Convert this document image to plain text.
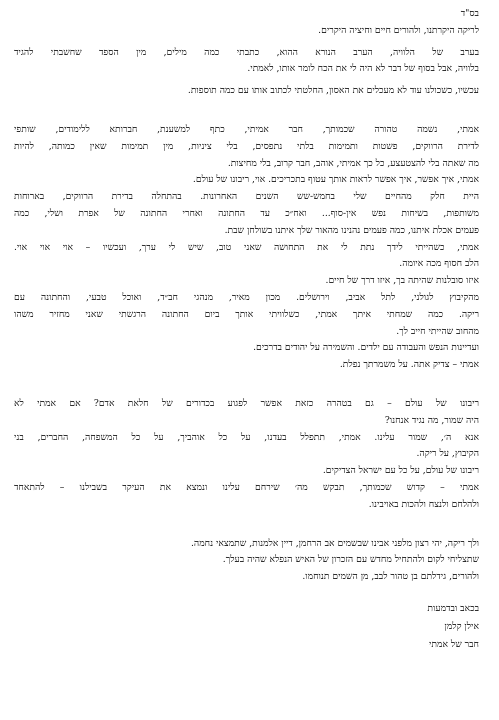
בס"ד
לריקה היקרתנו, ולהורים חיים וחיציה היקרים.
בערב של הלוויה, הערב הנורא ההוא, כתבתי כמה מילים, מין הספד שחשבתי להגיד
בלוויה, אבל בסוף של דבר לא היה לי את הכח לומר אותו, לאמתי.
עכשיו, כשכולנו עוד לא מעכלים את האסון, החלטתי לכתוב אותו עם כמה תוספות.
אמתי, נשמה טהורה שכמותך, חבר אמיתי, כתף למשענת, חברותא ללימודים, שותפי
לדירת הרווקים, פשטות ותמימות בלתי נתפסים, בלי ציניות, מין תמימות שאין כמותה, להיות
מה שאתה בלי להצטעצע, כל כך אמיתי, אוהב, חבר קרוב, בלי מחיצות.
אמתי, איך אפשר, איך אפשר לראות אותך עטוף בתכריכים. אוי, ריבונו של עולם.
היית חלק מהחיים שלי בחמש-שש השנים האחרונות. בהתחלה בדירת הרווקים, בארוחות
משותפות, בשיחות נפש אין-סוף... ואח״כ עד החתונה ואחרי החתונה של אפרת ושלי, כמה
פעמים אכלת איתנו, כמה פעמים נהנינו מהאור שלך איתנו בשולחן שבת.
אמתי, כשהייתי לידך נתת לי את התחושה שאני טוב, שיש לי ערך, ועכשיו – אוי אוי אוי.
הלב חסוף מכה איומה.
איזו סובלנות שהיתה בך, איזו דרך של חיים.
מהקיבוץ לגולני, לתל אביב, וירושלים. מכון מאיר, מנהגי חב״ד, ואוכל טבעי, והחתונה עם
ריקה. כמה שמחתי איתך אמתי, כשלוויתי אותך ביום החתונה הרגשתי שאני מחזיר משהו
מהחוב שהייתי חייב לך.
ועדיינות הנפש והעבודה עם ילדים. והשמירה על יהודים בדרכים.
אמתי – צדיק אתה. על משמרתך נפלת.
ריבונו של עולם – גם בטהרה כזאת אפשר לפגוע בכדורים של חלאת אדם? אם אמתי לא
היה שמור, מה נגיד אנחנו?
אנא ה׳, שמור עלינו. אמתי, תתפלל בעדנו, על כל אוהביך, על כל המשפחה, החברים, בני
הקיבוץ, על ריקה.
ריבונו של עולם, על כל עם ישראל הצדיקים.
אמתי – קדוש שכמותך, תבקש מה׳ שירחם עלינו ונמצא את העיקר בשבילנו – להתאחד
ולהלחם ולנצח ולהכות באויבינו.
ולך ריקה, יהי רצון מלפני אבינו שבשמים אב הרחמן, דיין אלמנות, שתמצאי נחמה.
שתצליחי לקום ולהתחיל מחדש עם הזכרון של האיש הנפלא שהיה בעלך.
ולהורים, גידלתם בן טהור לבב, מן השמים תנוחמו.
בכאב ובדמעות
אילן קלמן
חבר של אמתי
